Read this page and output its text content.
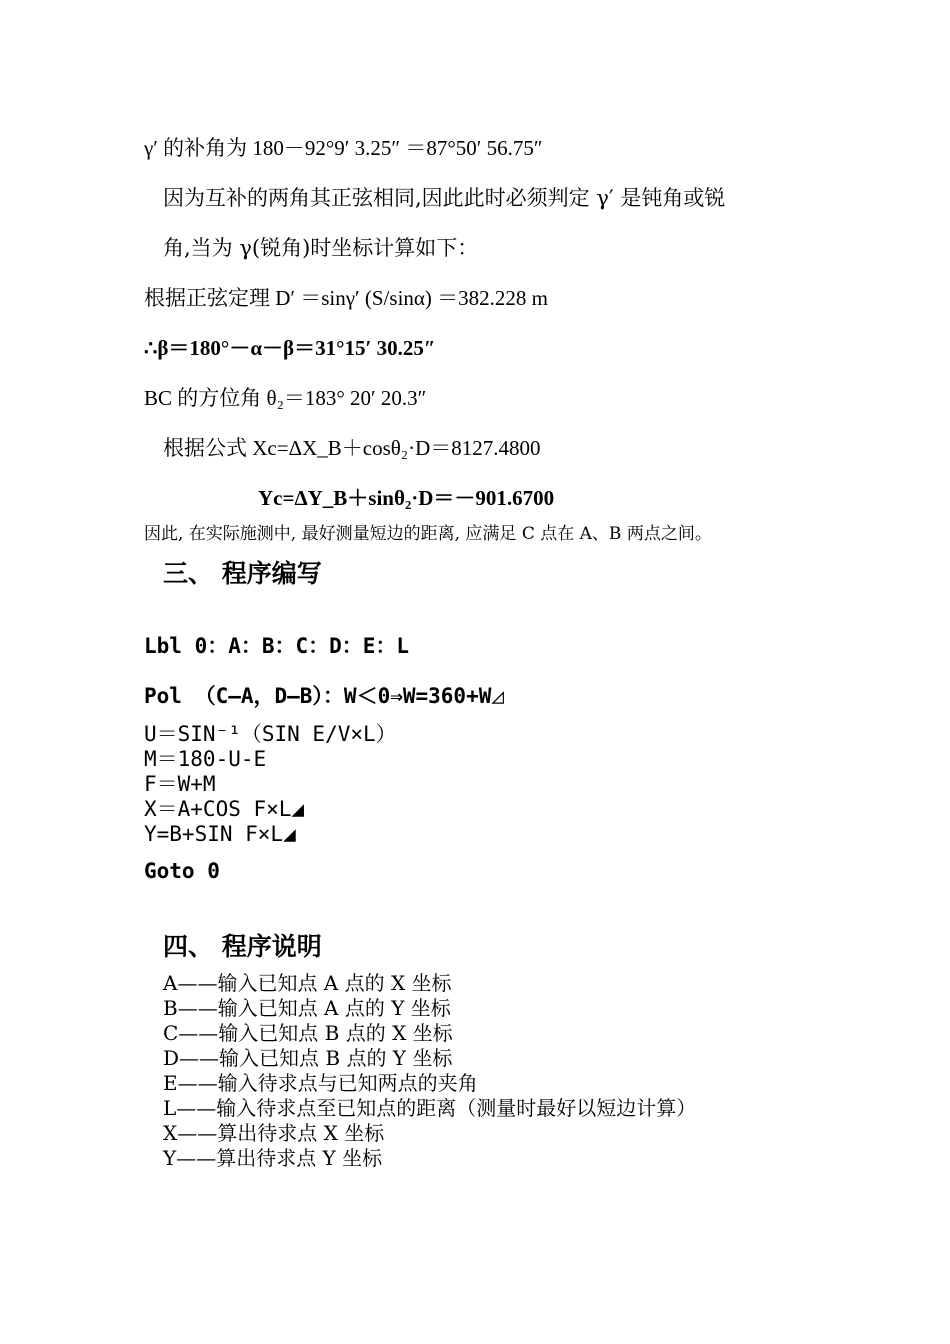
γ′ 的补角为 180－92°9′ 3.25″ ＝87°50′ 56.75″
因为互补的两角其正弦相同,因此此时必须判定 γ′ 是钝角或锐
角,当为 γ(锐角)时坐标计算如下：
根据正弦定理 D′ ＝sinγ′ (S/sinα) ＝382.228 m
∴β＝180°－α－β＝31°15′ 30.25″
BC 的方位角 θ₂＝183° 20′ 20.3″
根据公式 Xc=ΔX_B＋cosθ₂·D＝8127.4800
Yc=ΔY_B＋sinθ₂·D＝－901.6700
因此, 在实际施测中, 最好测量短边的距离, 应满足 C 点在 A、B 两点之间。
三、 程序编写
Lbl 0：A：B：C：D：E：L
Pol （C—A，D—B）：W＜0⇒W=360+W◿
U＝SIN⁻¹（SIN E/V×L）
M＝180-U-E
F＝W+M
X＝A+COS F×L◢
Y=B+SIN F×L◢
Goto 0
四、 程序说明
A——输入已知点 A 点的 X 坐标
B——输入已知点 A 点的 Y 坐标
C——输入已知点 B 点的 X 坐标
D——输入已知点 B 点的 Y 坐标
E——输入待求点与已知两点的夹角
L——输入待求点至已知点的距离（测量时最好以短边计算）
X——算出待求点 X 坐标
Y——算出待求点 Y 坐标
